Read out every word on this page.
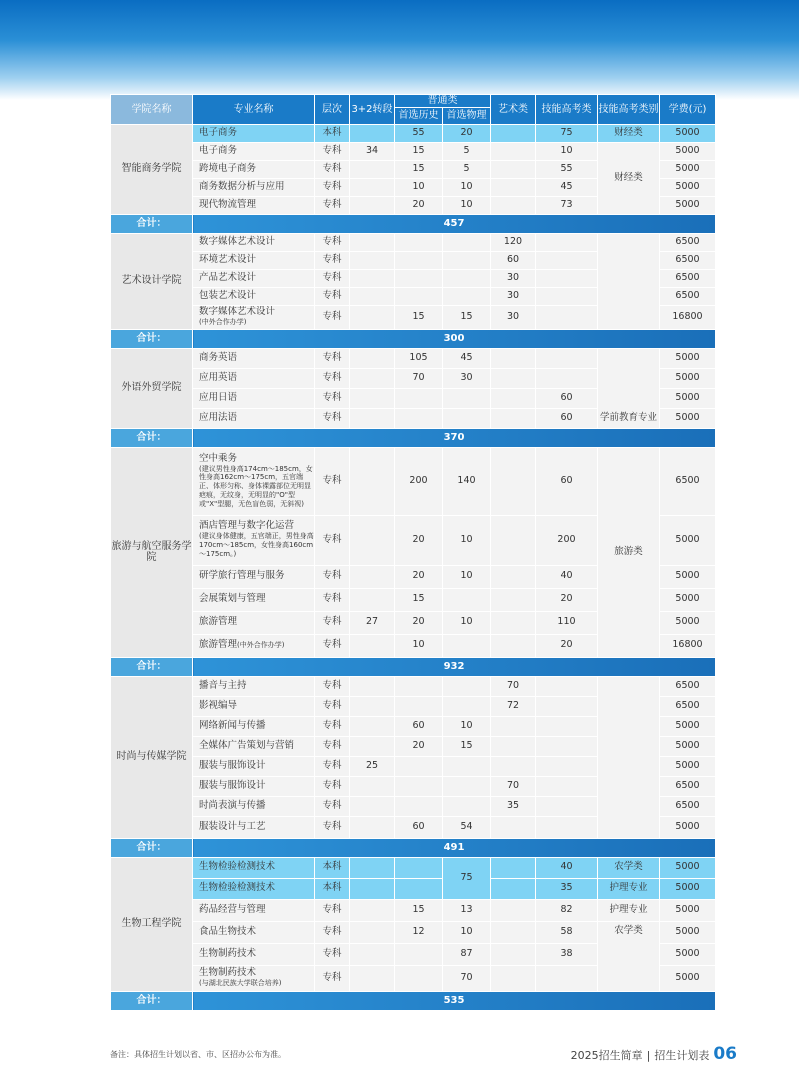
学院名称	专业名称	层次	3+2转段	普通类		艺术类	技能高考类	技能高考类别	学费(元)
				首选历史	首选物理				
智能商务学院	电子商务	本科		55	20		75	财经类	5000
	电子商务	专科	34	15	5		10	财经类	5000
	跨境电子商务	专科		15	5		55		5000
	商务数据分析与应用	专科		10	10		45		5000
	现代物流管理	专科		20	10		73		5000
合计：	457								
艺术设计学院	数字媒体艺术设计	专科				120			6500
	环境艺术设计	专科				60			6500
	产品艺术设计	专科				30			6500
	包装艺术设计	专科				30			6500
	数字媒体艺术设计
(中外合作办学)	专科		15	15	30			16800
合计：	300								
外语外贸学院	商务英语	专科		105	45			学前教育专业	5000
	应用英语	专科		70	30				5000
	应用日语	专科					60		5000
	应用法语	专科					60		5000
合计：	370								
旅游与航空服务学院	空中乘务
(建议男性身高174cm～185cm，女性身高162cm～175cm，五官端正、体形匀称、身体裸露部位无明显疤痕，无纹身，无明显的"O"型或"X"型腿，无色盲色弱，无斜视)	专科		200	140		60	旅游类	6500
	酒店管理与数字化运营
(建议身体健康，五官端正，男性身高170cm～185cm，女性身高160cm～175cm。)	专科		20	10		200		5000
	研学旅行管理与服务	专科		20	10		40		5000
	会展策划与管理	专科		15			20		5000
	旅游管理	专科	27	20	10		110		5000
	旅游管理(中外合作办学)	专科		10			20		16800
合计：	932								
时尚与传媒学院	播音与主持	专科				70			6500
	影视编导	专科				72			6500
	网络新闻与传播	专科		60	10				5000
	全媒体广告策划与营销	专科		20	15				5000
	服装与服饰设计	专科	25						5000
	服装与服饰设计	专科				70			6500
	时尚表演与传播	专科				35			6500
	服装设计与工艺	专科		60	54				5000
合计：	491								
生物工程学院	生物检验检测技术	本科			75		40	农学类	5000
	生物检验检测技术	本科					35	护理专业	5000
	药品经营与管理	专科		15	13		82	护理专业	5000
	食品生物技术	专科		12	10		58	农学类	5000
	生物制药技术	专科			87		38		5000
	生物制药技术
(与湖北民族大学联合培养)	专科			70				5000
合计：	535								
备注：具体招生计划以省、市、区招办公布为准。	2025招生简章 | 招生计划表 06
